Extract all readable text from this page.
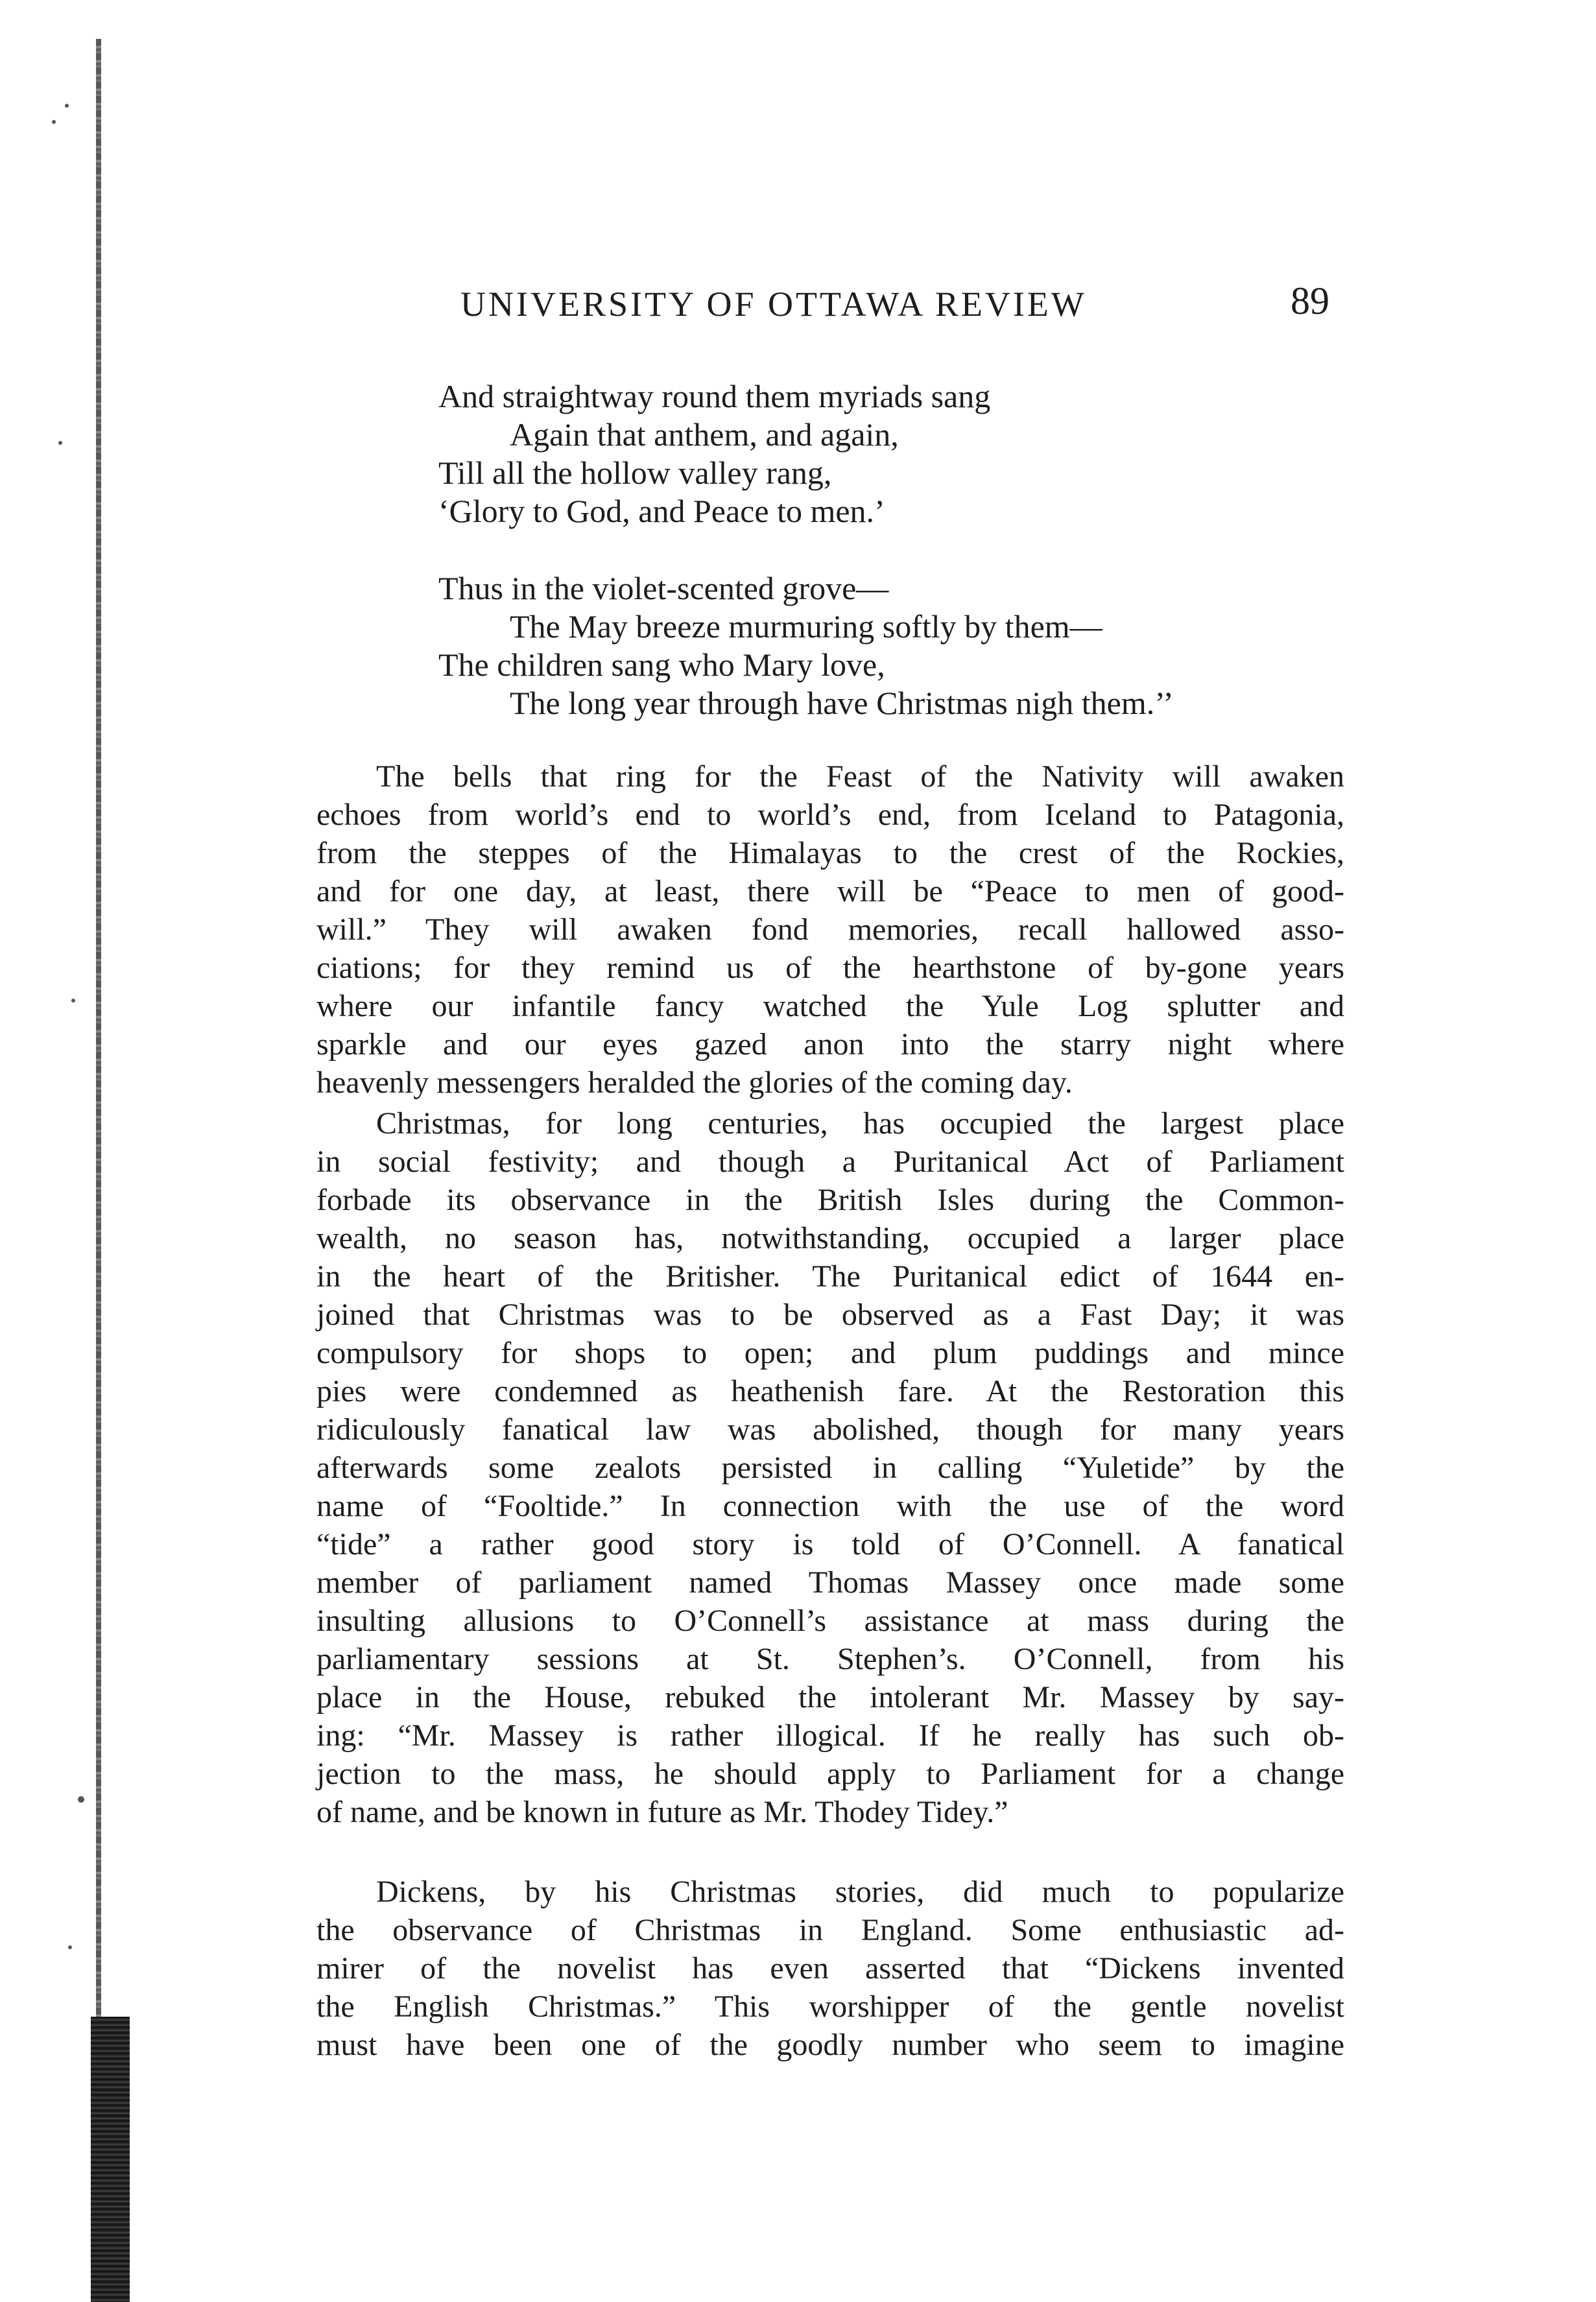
UNIVERSITY OF OTTAWA REVIEW	89
And straightway round them myriads sang
Again that anthem, and again,
Till all the hollow valley rang,
‘Glory to God, and Peace to men.’
Thus in the violet-scented grove—
The May breeze murmuring softly by them—
The children sang who Mary love,
The long year through have Christmas nigh them.’’
The bells that ring for the Feast of the Nativity will awaken
echoes from world’s end to world’s end, from Iceland to Patagonia,
from the steppes of the Himalayas to the crest of the Rockies,
and for one day, at least, there will be “Peace to men of good-
will.” They will awaken fond memories, recall hallowed asso-
ciations; for they remind us of the hearthstone of by-gone years
where our infantile fancy watched the Yule Log splutter and
sparkle and our eyes gazed anon into the starry night where
heavenly messengers heralded the glories of the coming day.
Christmas, for long centuries, has occupied the largest place
in social festivity; and though a Puritanical Act of Parliament
forbade its observance in the British Isles during the Common-
wealth, no season has, notwithstanding, occupied a larger place
in the heart of the Britisher. The Puritanical edict of 1644 en-
joined that Christmas was to be observed as a Fast Day; it was
compulsory for shops to open; and plum puddings and mince
pies were condemned as heathenish fare. At the Restoration this
ridiculously fanatical law was abolished, though for many years
afterwards some zealots persisted in calling “Yuletide” by the
name of “Fooltide.” In connection with the use of the word
“tide” a rather good story is told of O’Connell. A fanatical
member of parliament named Thomas Massey once made some
insulting allusions to O’Connell’s assistance at mass during the
parliamentary sessions at St. Stephen’s. O’Connell, from his
place in the House, rebuked the intolerant Mr. Massey by say-
ing: “Mr. Massey is rather illogical. If he really has such ob-
jection to the mass, he should apply to Parliament for a change
of name, and be known in future as Mr. Thodey Tidey.”
Dickens, by his Christmas stories, did much to popularize
the observance of Christmas in England. Some enthusiastic ad-
mirer of the novelist has even asserted that “Dickens invented
the English Christmas.” This worshipper of the gentle novelist
must have been one of the goodly number who seem to imagine
